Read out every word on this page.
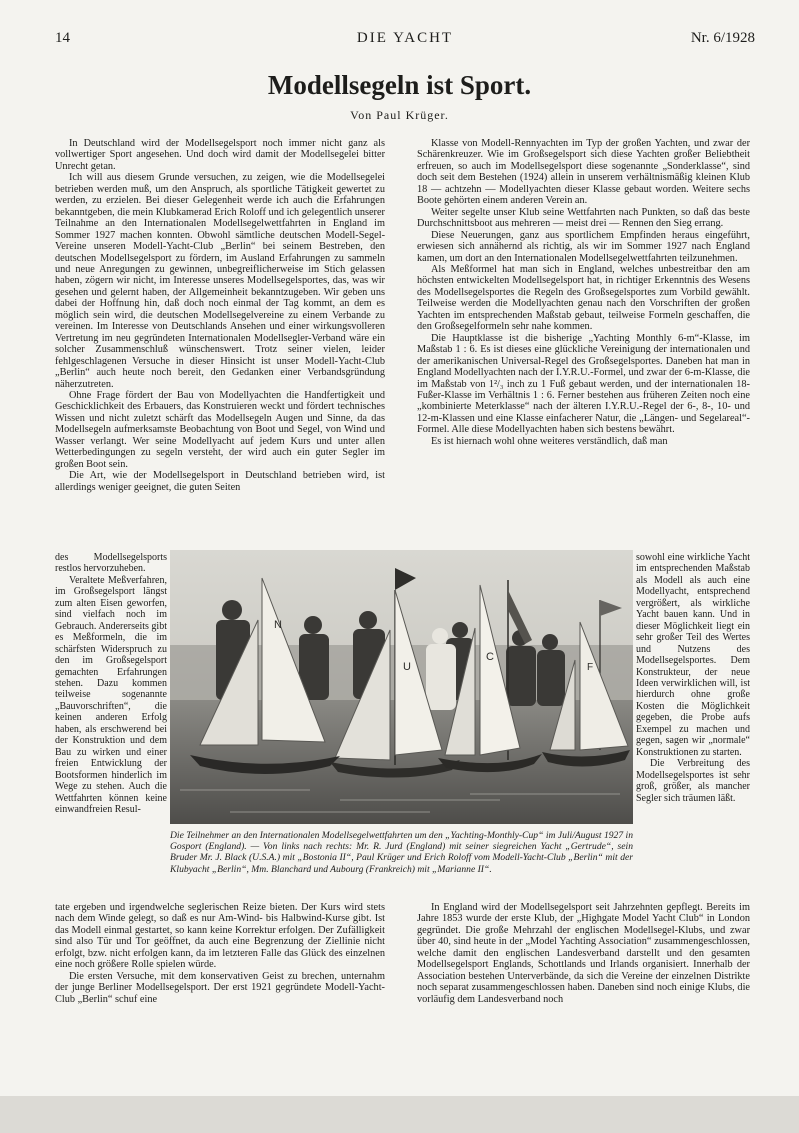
14	DIE YACHT	Nr. 6/1928
Modellsegeln ist Sport.
Von Paul Krüger.

In Deutschland wird der Modellsegelsport noch immer nicht ganz als vollwertiger Sport angesehen. Und doch wird damit der Modellsegelei bitter Unrecht getan.

Ich will aus diesem Grunde versuchen, zu zeigen, wie die Modellsegelei betrieben werden muß, um den Anspruch, als sportliche Tätigkeit gewertet zu werden, zu erzielen. Bei dieser Gelegenheit werde ich auch die Erfahrungen bekanntgeben, die mein Klubkamerad Erich Roloff und ich gelegentlich unserer Teilnahme an den Internationalen Modellsegelwettfahrten in England im Sommer 1927 machen konnten. Obwohl sämtliche deutschen Modell-Segel-Vereine unseren Modell-Yacht-Club „Berlin“ bei seinem Bestreben, den deutschen Modellsegelsport zu fördern, im Ausland Erfahrungen zu sammeln und neue Anregungen zu gewinnen, unbegreiflicherweise im Stich gelassen haben, zögern wir nicht, im Interesse unseres Modellsegelsportes, das, was wir gesehen und gelernt haben, der Allgemeinheit bekanntzugeben. Wir geben uns dabei der Hoffnung hin, daß doch noch einmal der Tag kommt, an dem es möglich sein wird, die deutschen Modellsegelvereine zu einem Verbande zu vereinen. Im Interesse von Deutschlands Ansehen und einer wirkungsvolleren Vertretung im neu gegründeten Internationalen Modellsegler-Verband wäre ein solcher Zusammenschluß wünschenswert. Trotz seiner vielen, leider fehlgeschlagenen Versuche in dieser Hinsicht ist unser Modell-Yacht-Club „Berlin“ auch heute noch bereit, den Gedanken einer Verbandsgründung näherzutreten.

Ohne Frage fördert der Bau von Modellyachten die Handfertigkeit und Geschicklichkeit des Erbauers, das Konstruieren weckt und fördert technisches Wissen und nicht zuletzt schärft das Modellsegeln Augen und Sinne, da das Modellsegeln aufmerksamste Beobachtung von Boot und Segel, von Wind und Wasser verlangt. Wer seine Modellyacht auf jedem Kurs und unter allen Wetterbedingungen zu segeln versteht, der wird auch ein guter Segler im großen Boot sein.

Die Art, wie der Modellsegelsport in Deutschland betrieben wird, ist allerdings weniger geeignet, die guten Seiten

Klasse von Modell-Rennyachten im Typ der großen Yachten, und zwar der Schärenkreuzer. Wie im Großsegelsport sich diese Yachten großer Beliebtheit erfreuen, so auch im Modellsegelsport diese sogenannte „Sonderklasse“, sind doch seit dem Bestehen (1924) allein in unserem verhältnismäßig kleinen Klub 18 — achtzehn — Modellyachten dieser Klasse gebaut worden. Weitere sechs Boote gehörten einem anderen Verein an.

Weiter segelte unser Klub seine Wettfahrten nach Punkten, so daß das beste Durchschnittsboot aus mehreren — meist drei — Rennen den Sieg errang.

Diese Neuerungen, ganz aus sportlichem Empfinden heraus eingeführt, erwiesen sich annähernd als richtig, als wir im Sommer 1927 nach England kamen, um dort an den Internationalen Modellsegelwettfahrten teilzunehmen.

Als Meßformel hat man sich in England, welches unbestreitbar den am höchsten entwickelten Modellsegelsport hat, in richtiger Erkenntnis des Wesens des Modellsegelsportes die Regeln des Großsegelsportes zum Vorbild gewählt. Teilweise werden die Modellyachten genau nach den Vorschriften der großen Yachten im entsprechenden Maßstab gebaut, teilweise Formeln geschaffen, die den Großsegelformeln sehr nahe kommen.

Die Hauptklasse ist die bisherige „Yachting Monthly 6-m“-Klasse, im Maßstab 1 : 6. Es ist dieses eine glückliche Vereinigung der internationalen und der amerikanischen Universal-Regel des Großsegelsportes. Daneben hat man in England Modellyachten nach der I.Y.R.U.-Formel, und zwar der 6-m-Klasse, die im Maßstab von 1²/₃ inch zu 1 Fuß gebaut werden, und der internationalen 18-Fußer-Klasse im Verhältnis 1 : 6. Ferner bestehen aus früheren Zeiten noch eine „kombinierte Meterklasse“ nach der älteren I.Y.R.U.-Regel der 6-, 8-, 10- und 12-m-Klassen und eine Klasse einfacherer Natur, die „Längen- und Segelareal“-Formel. Alle diese Modellyachten haben sich bestens bewährt.

Es ist hiernach wohl ohne weiteres verständlich, daß man

des Modellsegelsports restlos hervorzuheben.

Veraltete Meßverfahren, im Großsegelsport längst zum alten Eisen geworfen, sind vielfach noch im Gebrauch. Andererseits gibt es Meßformeln, die im schärfsten Widerspruch zu den im Großsegelsport gemachten Erfahrungen stehen. Dazu kommen teilweise sogenannte „Bauvorschriften“, die keinen anderen Erfolg haben, als erschwerend bei der Konstruktion und dem Bau zu wirken und einer freien Entwicklung der Bootsformen hinderlich im Wege zu stehen. Auch die Wettfahrten können keine einwandfreien Resul-

N
U
C
F
Die Teilnehmer an den Internationalen Modellsegelwettfahrten um den „Yachting-Monthly-Cup“ im Juli/August 1927 in Gosport (England). — Von links nach rechts: Mr. R. Jurd (England) mit seiner siegreichen Yacht „Gertrude“, sein Bruder Mr. J. Black (U.S.A.) mit „Bostonia II“, Paul Krüger und Erich Roloff vom Modell-Yacht-Club „Berlin“ mit der Klubyacht „Berlin“, Mm. Blanchard und Aubourg (Frankreich) mit „Marianne II“.

sowohl eine wirkliche Yacht im entsprechenden Maßstab als Modell als auch eine Modellyacht, entsprechend vergrößert, als wirkliche Yacht bauen kann. Und in dieser Möglichkeit liegt ein sehr großer Teil des Wertes und Nutzens des Modellsegelsportes. Dem Konstrukteur, der neue Ideen verwirklichen will, ist hierdurch ohne große Kosten die Möglichkeit gegeben, die Probe aufs Exempel zu machen und gegen, sagen wir „normale“ Konstruktionen zu starten.

Die Verbreitung des Modellsegelsportes ist sehr groß, größer, als mancher Segler sich träumen läßt.

tate ergeben und irgendwelche seglerischen Reize bieten. Der Kurs wird stets nach dem Winde gelegt, so daß es nur Am-Wind- bis Halbwind-Kurse gibt. Ist das Modell einmal gestartet, so kann keine Korrektur erfolgen. Der Zufälligkeit sind also Tür und Tor geöffnet, da auch eine Begrenzung der Ziellinie nicht erfolgt, bzw. nicht erfolgen kann, da im letzteren Falle das Glück des einzelnen eine noch größere Rolle spielen würde.

Die ersten Versuche, mit dem konservativen Geist zu brechen, unternahm der junge Berliner Modellsegelsport. Der erst 1921 gegründete Modell-Yacht-Club „Berlin“ schuf eine

In England wird der Modellsegelsport seit Jahrzehnten gepflegt. Bereits im Jahre 1853 wurde der erste Klub, der „Highgate Model Yacht Club“ in London gegründet. Die große Mehrzahl der englischen Modellsegel-Klubs, und zwar über 40, sind heute in der „Model Yachting Association“ zusammengeschlossen, welche damit den englischen Landesverband darstellt und den gesamten Modellsegelsport Englands, Schottlands und Irlands organisiert. Innerhalb der Association bestehen Unterverbände, da sich die Vereine der einzelnen Distrikte noch separat zusammengeschlossen haben. Daneben sind noch einige Klubs, die vorläufig dem Landesverband noch
